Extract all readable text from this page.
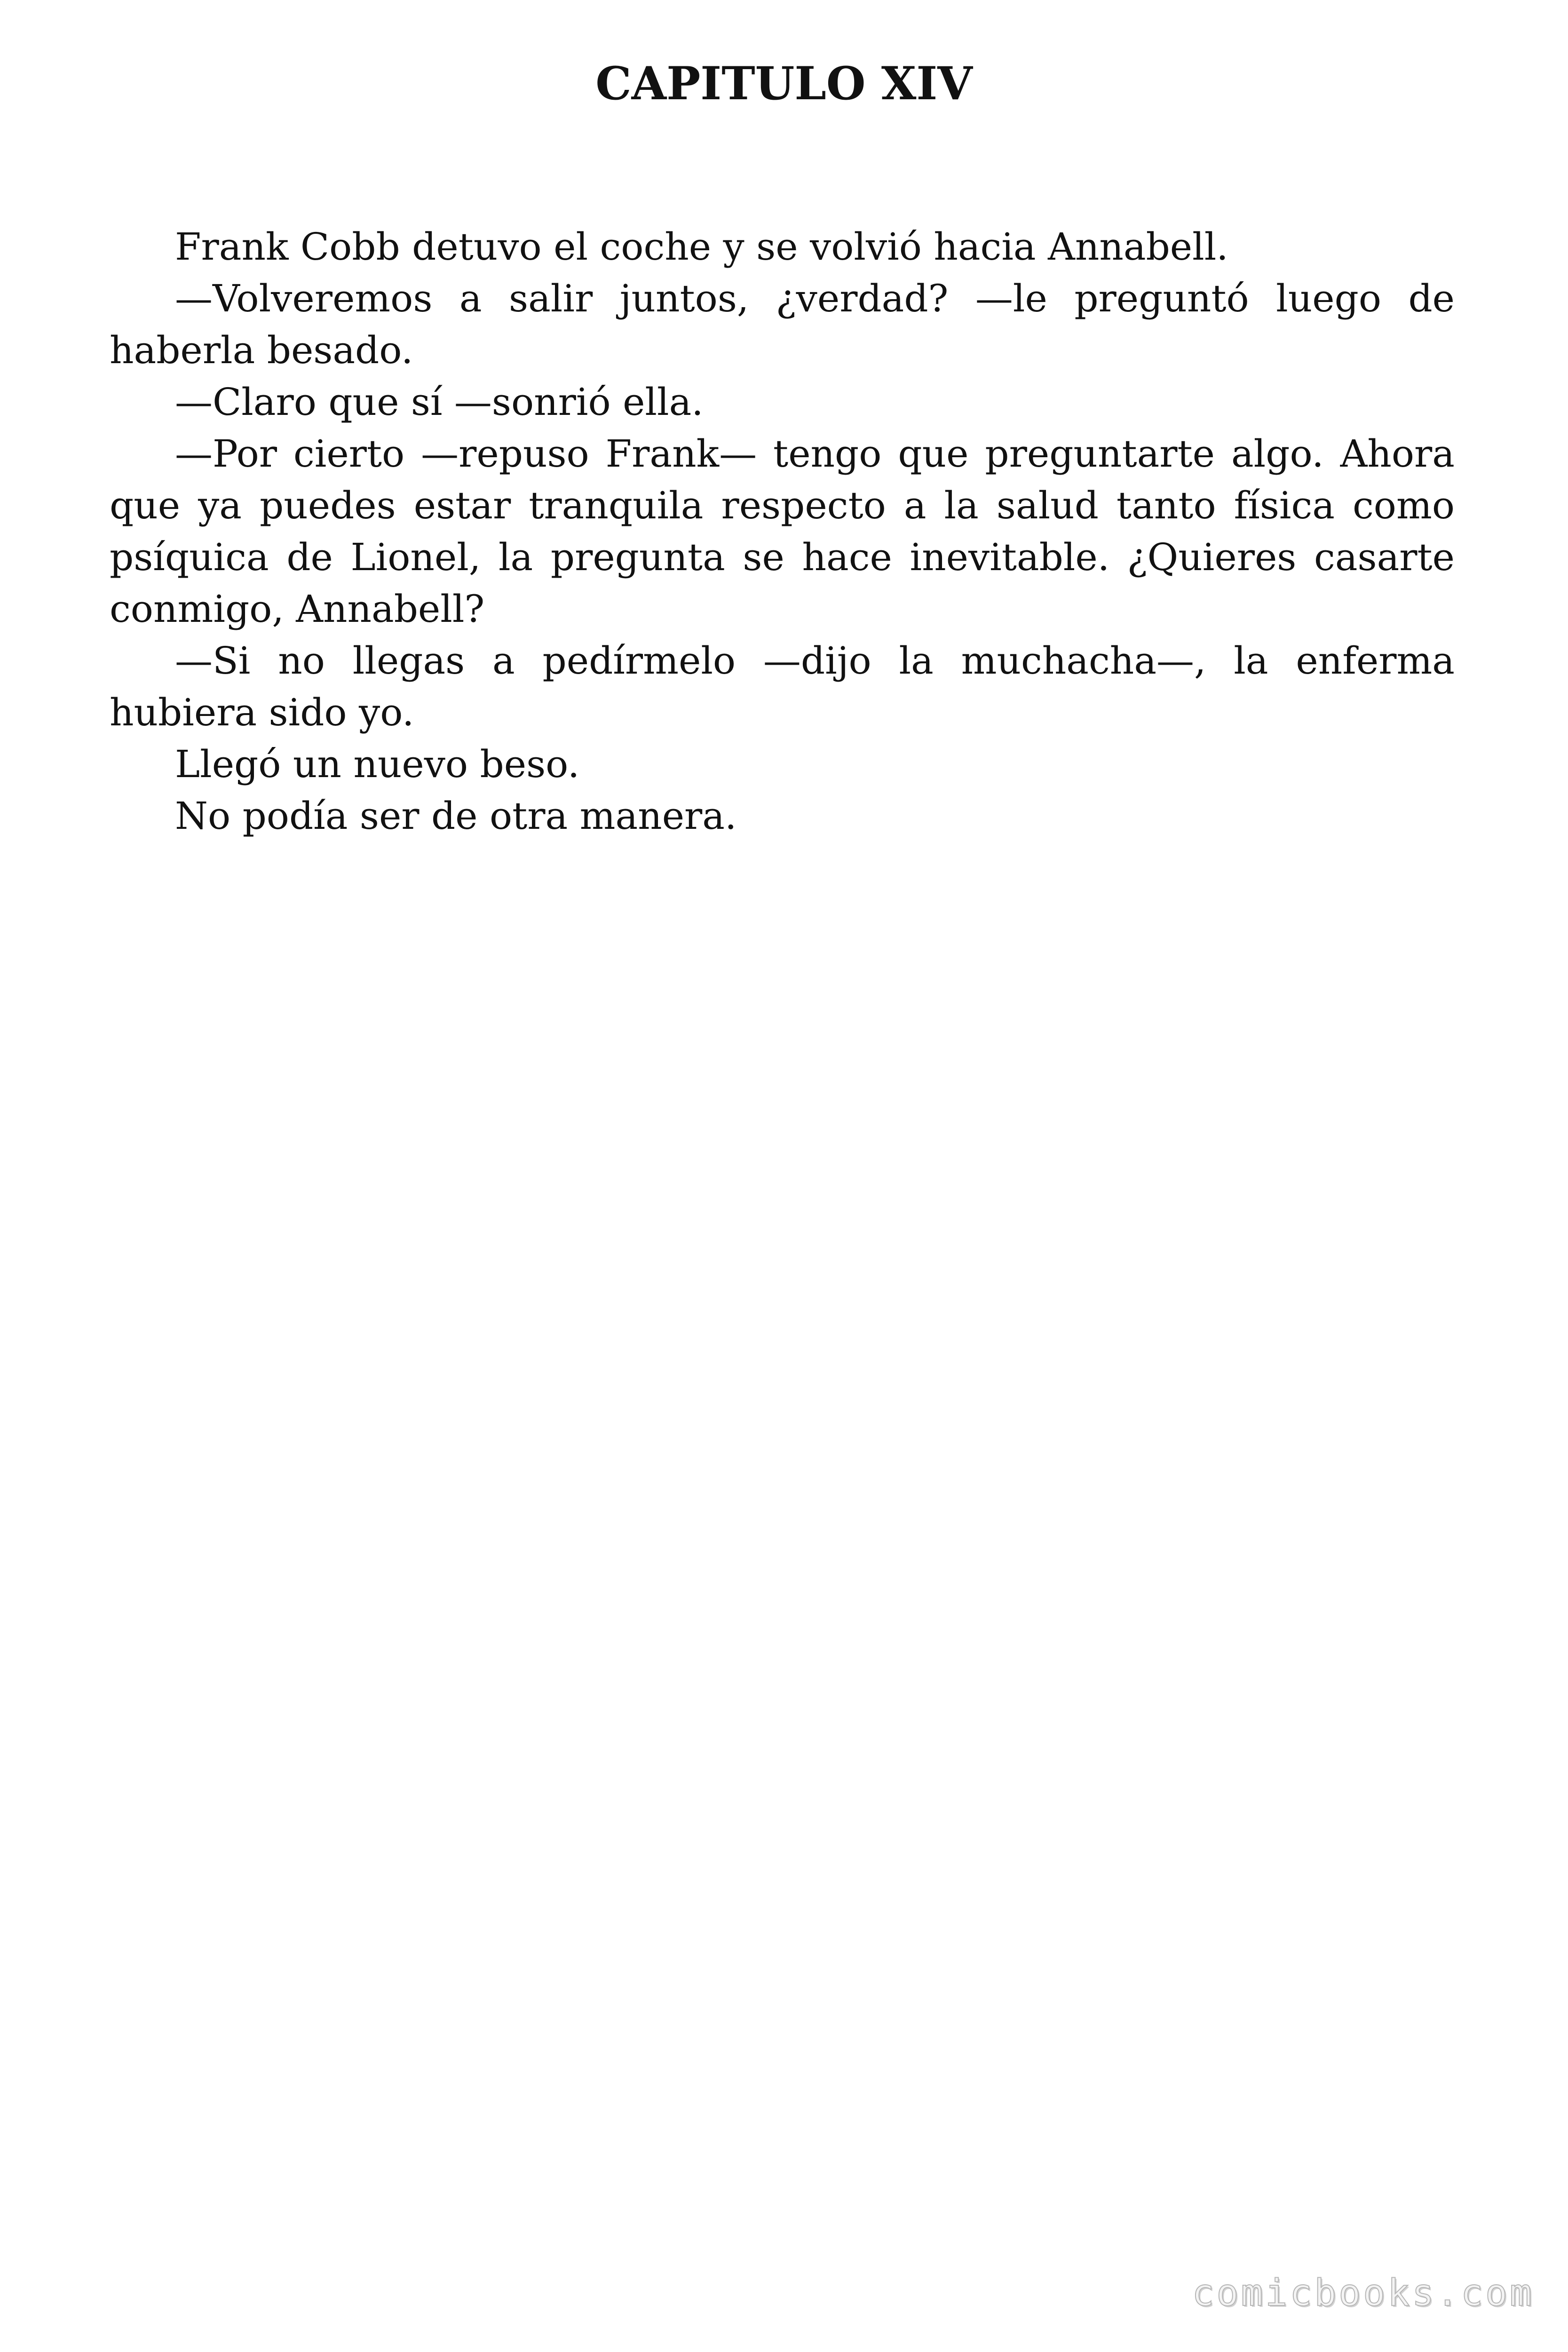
CAPITULO XIV

Frank Cobb detuvo el coche y se volvió hacia Annabell.

—Volveremos a salir juntos, ¿verdad? —le preguntó luego de haberla besado.

—Claro que sí —sonrió ella.

—Por cierto —repuso Frank— tengo que preguntarte algo. Ahora que ya puedes estar tranquila respecto a la salud tanto física como psíquica de Lionel, la pregunta se hace inevitable. ¿Quieres casarte conmigo, Annabell?

—Si no llegas a pedírmelo —dijo la muchacha—, la enferma hubiera sido yo.

Llegó un nuevo beso.

No podía ser de otra manera.

comicbooks.com
